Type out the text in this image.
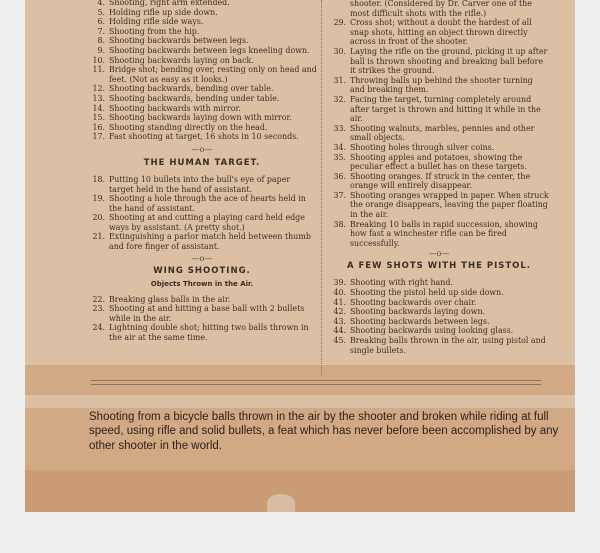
4. Shooting, right arm extended.
5. Holding rifle up side down.
6. Holding rifle side ways.
7. Shooting from the hip.
8. Shooting backwards between legs.
9. Shooting backwards between legs kneeling down.
10. Shooting backwards laying on back.
11. Bridge shot; bending over, resting only on head and feet. (Not as easy as it looks.)
12. Shooting backwards, bending over table.
13. Shooting backwards, bending under table.
14. Shooting backwards with mirror.
15. Shooting backwards laying down with mirror.
16. Shooting standing directly on the head.
17. Fast shooting at target, 16 shots in 10 seconds.
—o—
THE HUMAN TARGET.
18. Putting 10 bullets into the bull's eye of paper target held in the hand of assistant.
19. Shooting a hole through the ace of hearts held in the hand of assistant.
20. Shooting at and cutting a playing card held edge ways by assistant. (A pretty shot.)
21. Extinguishing a parlor match held between thumb and fore finger of assistant.
—o—
WING SHOOTING.
Objects Thrown in the Air.
22. Breaking glass balls in the air.
23. Shooting at and hitting a base ball with 2 bullets while in the air.
24. Lightning double shot; hitting two balls thrown in the air at the same time.
shooter. (Considered by Dr. Carver one of the most difficult shots with the rifle.)
29. Cross shot; without a doubt the hardest of all snap shots, hitting an object thrown directly across in front of the shooter.
30. Laying the rifle on the ground, picking it up after ball is thrown shooting and breaking ball before it strikes the ground.
31. Throwing balls up behind the shooter turning and breaking them.
32. Facing the target, turning completely around after target is thrown and hitting it while in the air.
33. Shooting walnuts, marbles, pennies and other small objects.
34. Shooting holes through silver coins.
35. Shooting apples and potatoes, showing the peculiar effect a bullet has on these targets.
36. Shooting oranges. If struck in the center, the orange will entirely disappear.
37. Shooting oranges wrapped in paper. When struck the orange disappears, leaving the paper floating in the air.
38. Breaking 10 balls in rapid succession, showing how fast a winchester rifle can be fired successfully.
—o—
A FEW SHOTS WITH THE PISTOL.
39. Shooting with right hand.
40. Shooting the pistol held up side down.
41. Shooting backwards over chair.
42. Shooting backwards laying down.
43. Shooting backwards between legs.
44. Shooting backwards using looking glass.
45. Breaking balls thrown in the air, using pistol and single bullets.
Shooting from a bicycle balls thrown in the air by the shooter and broken while riding at full speed, using rifle and solid bullets, a feat which has never before been accomplished by any other shooter in the world.
